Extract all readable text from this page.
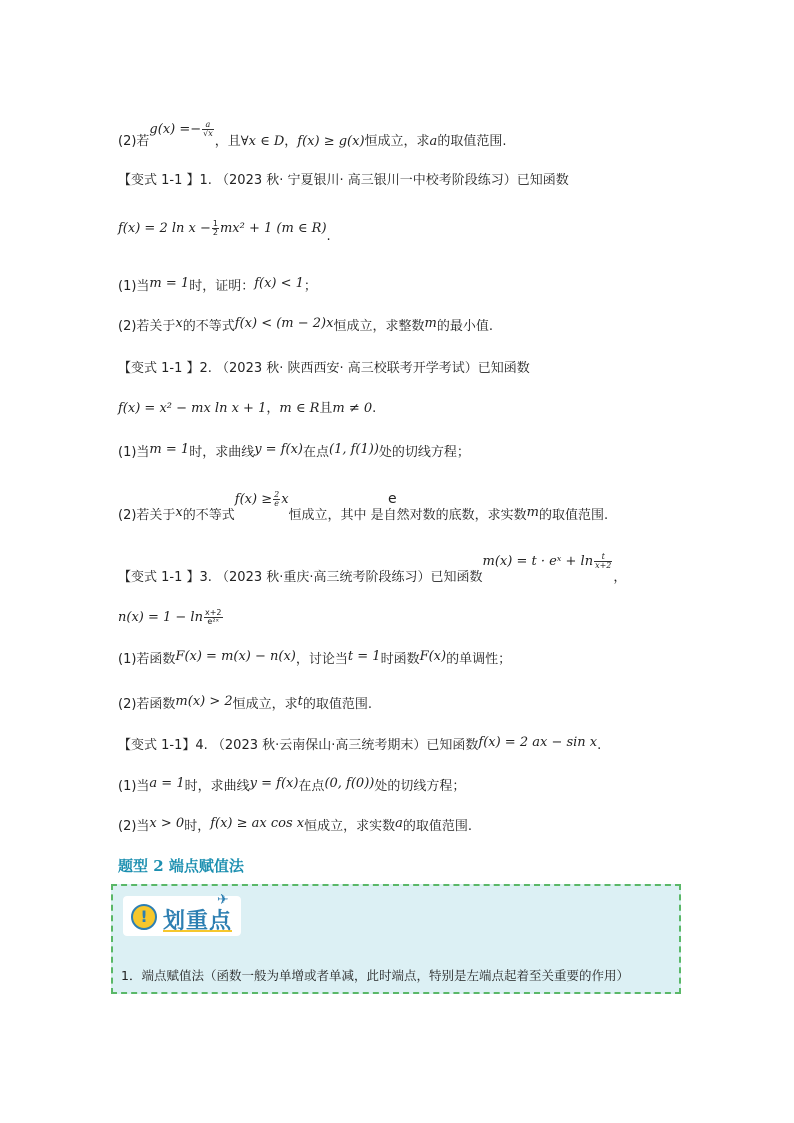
(2)若$g(x) =- \frac{a}{√x}$
，且∀x ∈ D，f(x) ≥ g(x)恒成立，求a的取值范围.
【变式 1-1 】1. （2023 秋· 宁夏银川· 高三银川一中校考阶段练习）已知函数
f(x) = 2 $\ln x - \frac{1}{2} mx^2 + 1$ (m ∈ R).
(1)当m = 1时，证明：f(x) < 1；
(2)若关于x的不等式f(x) < (m − 2)x恒成立，求整数m的最小值.
【变式 1-1 】2. （2023 秋· 陕西西安· 高三校联考开学考试）已知函数
f(x) = x² − mx ln x + 1，m ∈ R且m ≠ 0.
(1)当m = 1时，求曲线y = f(x)在点(1, f(1))处的切线方程；
e
(2)若关于x的不等式$f(x) \ge \frac{2}{e}$ x恒成立，其中 是自然对数的底数，求实数m的取值范围.
【变式 1-1 】3. （2023 秋·重庆·高三统考阶段练习）已知函数m(x) = t · eˣ + $\ln \frac{t}{x+2}$
，
$n(x) = 1 - \ln \frac{x+2}{\text{e²ˣ}}$
(1)若函数F(x) = m(x) − n(x)，讨论当t = 1时函数F(x)的单调性；
(2)若函数m(x) > 2恒成立，求t的取值范围.
【变式 1-1】4. （2023 秋·云南保山·高三统考期末）已知函数f(x) = 2 ax − sin x.
(1)当a = 1时，求曲线y = f(x)在点(0, f(0))处的切线方程；
(2)当x > 0时，f(x) ≥ ax cos x恒成立，求实数a的取值范围.
题型 2 端点赋值法
! 划重点
✈
1．端点赋值法（函数一般为单增或者单减，此时端点，特别是左端点起着至关重要的作用）
